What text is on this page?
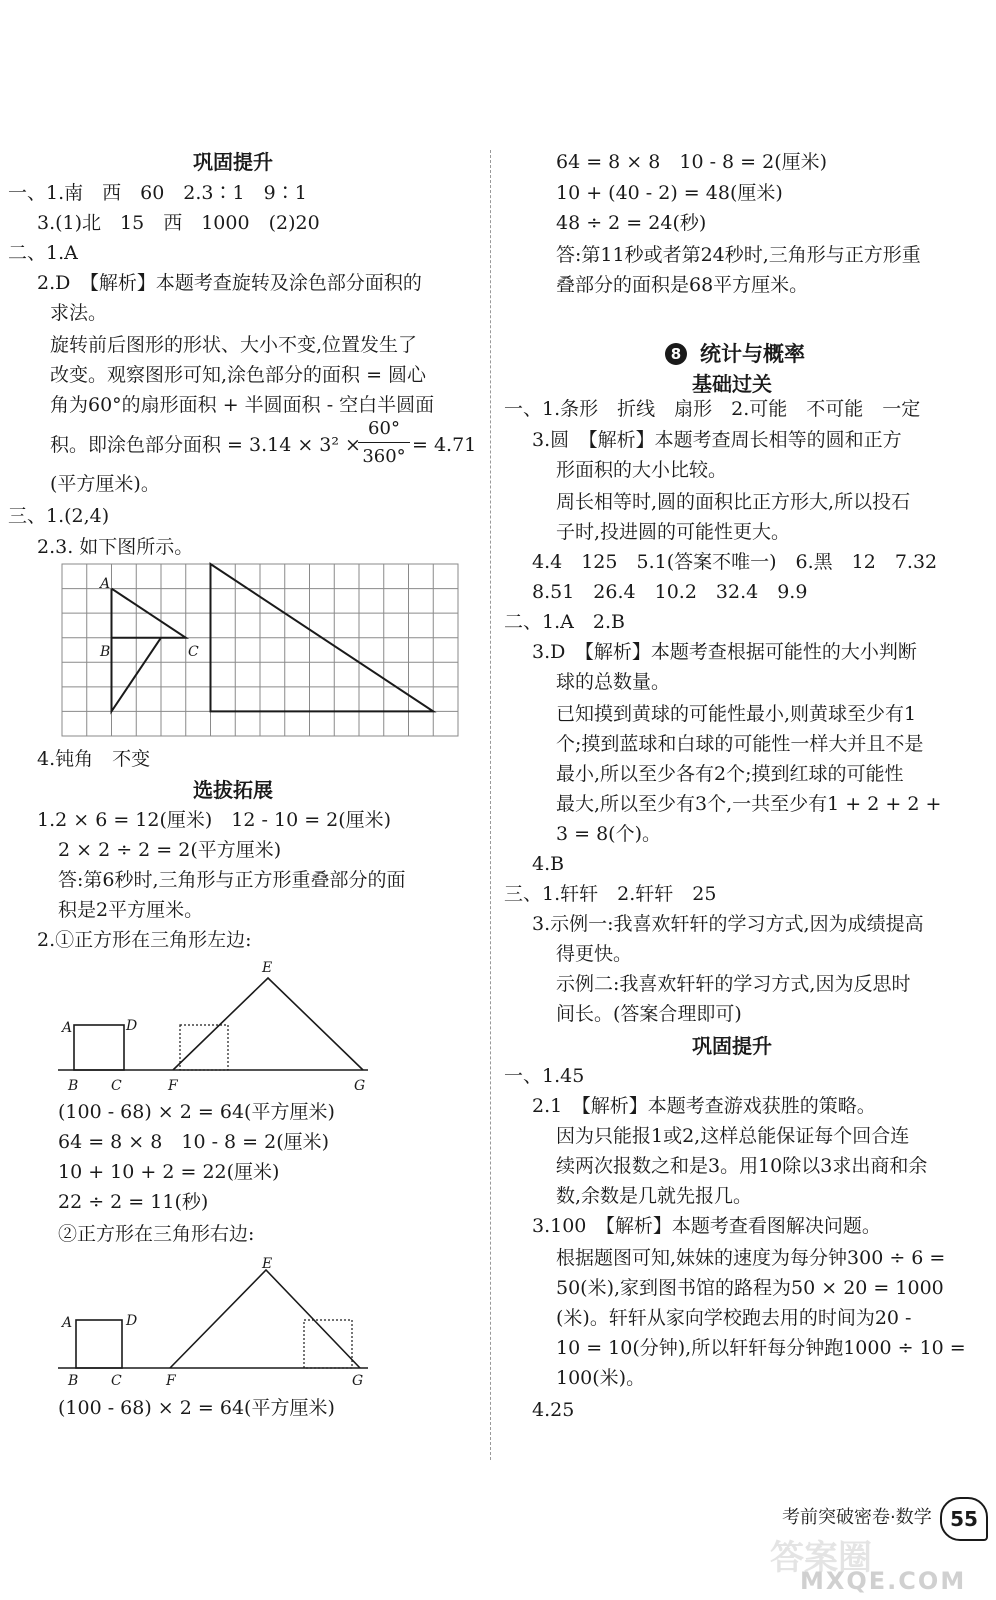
巩固提升
一、1.南　西　60　2.3∶1　9∶1
3.(1)北　15　西　1000　(2)20
二、1.A
2.D　【解析】本题考查旋转及涂色部分面积的
求法。
旋转前后图形的形状、大小不变,位置发生了
改变。观察图形可知,涂色部分的面积 = 圆心
角为60°的扇形面积 + 半圆面积 - 空白半圆面
积。即涂色部分面积 = 3.14 × 3² ×
60°
360°
= 4.71
(平方厘米)。
三、1.(2,4)
2.3. 如下图所示。
A
B	C
4.钝角　不变
选拔拓展
1.2 × 6 = 12(厘米)　12 - 10 = 2(厘米)
2 × 2 ÷ 2 = 2(平方厘米)
答:第6秒时,三角形与正方形重叠部分的面
积是2平方厘米。
2.①正方形在三角形左边:
A	D
B C
E
F	G
(100 - 68) × 2 = 64(平方厘米)
64 = 8 × 8　10 - 8 = 2(厘米)
10 + 10 + 2 = 22(厘米)
22 ÷ 2 = 11(秒)
②正方形在三角形右边:
A	D
B C
E
F	G
(100 - 68) × 2 = 64(平方厘米)
64 = 8 × 8　10 - 8 = 2(厘米)
10 + (40 - 2) = 48(厘米)
48 ÷ 2 = 24(秒)
答:第11秒或者第24秒时,三角形与正方形重
叠部分的面积是68平方厘米。
8 统计与概率
基础过关
一、1.条形　折线　扇形　2.可能　不可能　一定
3.圆　【解析】本题考查周长相等的圆和正方
形面积的大小比较。
周长相等时,圆的面积比正方形大,所以投石
子时,投进圆的可能性更大。
4.4　125　5.1(答案不唯一)　6.黑　12　7.32
8.51　26.4　10.2　32.4　9.9
二、1.A　2.B
3.D　【解析】本题考查根据可能性的大小判断
球的总数量。
已知摸到黄球的可能性最小,则黄球至少有1
个;摸到蓝球和白球的可能性一样大并且不是
最小,所以至少各有2个;摸到红球的可能性
最大,所以至少有3个,一共至少有1 + 2 + 2 +
3 = 8(个)。
4.B
三、1.轩轩　2.轩轩　25
3.示例一:我喜欢轩轩的学习方式,因为成绩提高
得更快。
示例二:我喜欢轩轩的学习方式,因为反思时
间长。(答案合理即可)
巩固提升
一、1.45
2.1　【解析】本题考查游戏获胜的策略。
因为只能报1或2,这样总能保证每个回合连
续两次报数之和是3。用10除以3求出商和余
数,余数是几就先报几。
3.100　【解析】本题考查看图解决问题。
根据题图可知,妹妹的速度为每分钟300 ÷ 6 =
50(米),家到图书馆的路程为50 × 20 = 1000
(米)。轩轩从家向学校跑去用的时间为20 -
10 = 10(分钟),所以轩轩每分钟跑1000 ÷ 10 =
100(米)。
4.25
考前突破密卷·数学 55
答案圈
MXQE.COM
